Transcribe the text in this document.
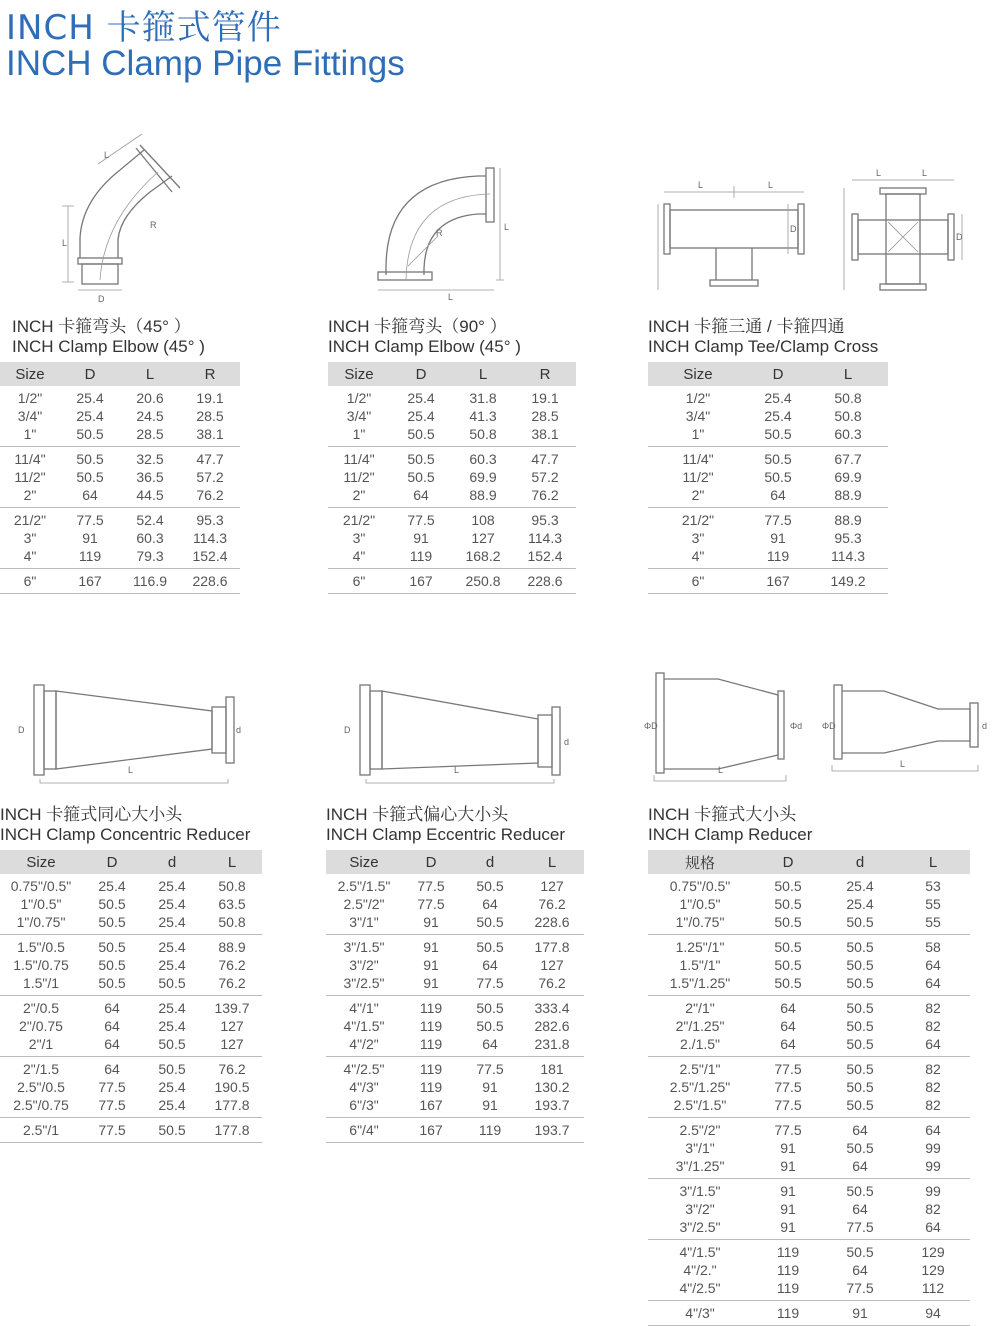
INCH 卡箍式管件
INCH Clamp Pipe Fittings
L
D
R
L
INCH 卡箍弯头（45° ）
INCH Clamp Elbow (45° )
Size	D	L	R
1/2"	25.4	20.6	19.1
3/4"	25.4	24.5	28.5
1"	50.5	28.5	38.1
11/4"	50.5	32.5	47.7
11/2"	50.5	36.5	57.2
2"	64	44.5	76.2
21/2"	77.5	52.4	95.3
3"	91	60.3	114.3
4"	119	79.3	152.4
6"	167	116.9	228.6
R
L
L
INCH 卡箍弯头（90° ）
INCH Clamp Elbow (45° )
Size	D	L	R
1/2"	25.4	31.8	19.1
3/4"	25.4	41.3	28.5
1"	50.5	50.8	38.1
11/4"	50.5	60.3	47.7
11/2"	50.5	69.9	57.2
2"	64	88.9	76.2
21/2"	77.5	108	95.3
3"	91	127	114.3
4"	119	168.2	152.4
6"	167	250.8	228.6
L	L
D
L	L
D
INCH 卡箍三通 / 卡箍四通
INCH Clamp Tee/Clamp Cross
Size	D	L
1/2"	25.4	50.8
3/4"	25.4	50.8
1"	50.5	60.3
11/4"	50.5	67.7
11/2"	50.5	69.9
2"	64	88.9
21/2"	77.5	88.9
3"	91	95.3
4"	119	114.3
6"	167	149.2
D	d
L
INCH 卡箍式同心大小头
INCH Clamp Concentric Reducer
Size	D	d	L
0.75"/0.5"	25.4	25.4	50.8
1"/0.5"	50.5	25.4	63.5
1"/0.75"	50.5	25.4	50.8
1.5"/0.5	50.5	25.4	88.9
1.5"/0.75	50.5	25.4	76.2
1.5"/1	50.5	50.5	76.2
2"/0.5	64	25.4	139.7
2"/0.75	64	25.4	127
2"/1	64	50.5	127
2"/1.5	64	50.5	76.2
2.5"/0.5	77.5	25.4	190.5
2.5"/0.75	77.5	25.4	177.8
2.5"/1	77.5	50.5	177.8
D
d
L
INCH 卡箍式偏心大小头
INCH Clamp Eccentric Reducer
Size	D	d	L
2.5"/1.5"	77.5	50.5	127
2.5"/2"	77.5	64	76.2
3"/1"	91	50.5	228.6
3"/1.5"	91	50.5	177.8
3"/2"	91	64	127
3"/2.5"	91	77.5	76.2
4"/1"	119	50.5	333.4
4"/1.5"	119	50.5	282.6
4"/2"	119	64	231.8
4"/2.5"	119	77.5	181
4"/3"	119	91	130.2
6"/3"	167	91	193.7
6"/4"	167	119	193.7
ΦD	Φd
L
ΦD	d
L
INCH 卡箍式大小头
INCH Clamp Reducer
规格	D	d	L
0.75"/0.5"	50.5	25.4	53
1"/0.5"	50.5	25.4	55
1"/0.75"	50.5	50.5	55
1.25"/1"	50.5	50.5	58
1.5"/1"	50.5	50.5	64
1.5"/1.25"	50.5	50.5	64
2"/1"	64	50.5	82
2"/1.25"	64	50.5	82
2./1.5"	64	50.5	64
2.5"/1"	77.5	50.5	82
2.5"/1.25"	77.5	50.5	82
2.5"/1.5"	77.5	50.5	82
2.5"/2"	77.5	64	64
3"/1"	91	50.5	99
3"/1.25"	91	64	99
3"/1.5"	91	50.5	99
3"/2"	91	64	82
3"/2.5"	91	77.5	64
4"/1.5"	119	50.5	129
4"/2."	119	64	129
4"/2.5"	119	77.5	112
4"/3"	119	91	94
